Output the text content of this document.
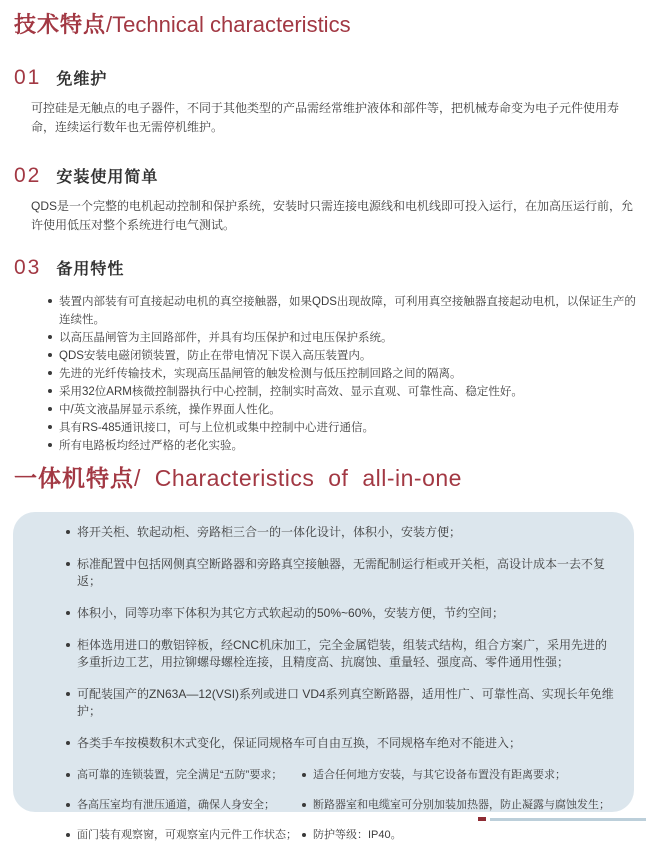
技术特点/Technical characteristics
01 免维护

可控硅是无触点的电子器件，不同于其他类型的产品需经常维护液体和部件等，把机械寿命变为电子元件使用寿命，连续运行数年也无需停机维护。

02 安装使用简单

QDS是一个完整的电机起动控制和保护系统，安装时只需连接电源线和电机线即可投入运行，在加高压运行前，允许使用低压对整个系统进行电气测试。

03 备用特性
装置内部装有可直接起动电机的真空接触器，如果QDS出现故障，可利用真空接触器直接起动电机，以保证生产的连续性。
以高压晶闸管为主回路部件，并具有均压保护和过电压保护系统。
QDS安装电磁闭锁装置，防止在带电情况下误入高压装置内。
先进的光纤传输技术，实现高压晶闸管的触发检测与低压控制回路之间的隔离。
采用32位ARM核微控制器执行中心控制，控制实时高效、显示直观、可靠性高、稳定性好。
中/英文液晶屏显示系统，操作界面人性化。
具有RS-485通讯接口，可与上位机或集中控制中心进行通信。
所有电路板均经过严格的老化实验。
一体机特点/ Characteristics of all-in-one
将开关柜、软起动柜、旁路柜三合一的一体化设计，体积小，安装方便；
标准配置中包括网侧真空断路器和旁路真空接触器，无需配制运行柜或开关柜，高设计成本一去不复返；
体积小，同等功率下体积为其它方式软起动的50%~60%，安装方便，节约空间；
柜体选用进口的敷铝锌板，经CNC机床加工，完全金属铠装，组装式结构，组合方案广，采用先进的多重折边工艺，用拉铆螺母螺栓连接，且精度高、抗腐蚀、重量轻、强度高、零件通用性强；
可配装国产的ZN63A—12(VSI)系列或进口 VD4系列真空断路器，适用性广、可靠性高、实现长年免维护；
各类手车按模数积木式变化，保证同规格车可自由互换，不同规格车绝对不能进入；
高可靠的连锁装置，完全满足“五防”要求；	适合任何地方安装，与其它设备布置没有距离要求；
各高压室均有泄压通道，确保人身安全；	断路器室和电缆室可分别加装加热器，防止凝露与腐蚀发生；
面门装有观察窗，可观察室内元件工作状态；	防护等级：IP40。
